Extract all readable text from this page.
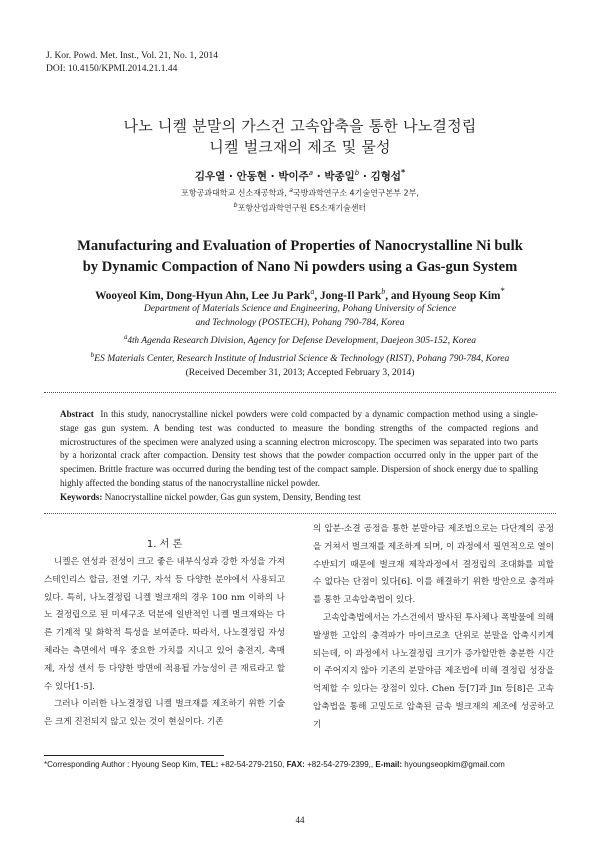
J. Kor. Powd. Met. Inst., Vol. 21, No. 1, 2014
DOI: 10.4150/KPMI.2014.21.1.44
나노 니켈 분말의 가스건 고속압축을 통한 나노결정립
니켈 벌크재의 제조 및 물성
김우열 · 안동현 · 박이주$^a$ · 박종일$^b$ · 김형섭*
포항공과대학교 신소재공학과, $^a$국방과학연구소 4기술연구본부 2부,
$^b$포항산업과학연구원 ES소재기술센터
Manufacturing and Evaluation of Properties of Nanocrystalline Ni bulk
by Dynamic Compaction of Nano Ni powders using a Gas-gun System
Wooyeol Kim, Dong-Hyun Ahn, Lee Ju Park$^a$, Jong-Il Park$^b$, and Hyoung Seop Kim*
Department of Materials Science and Engineering, Pohang University of Science
and Technology (POSTECH), Pohang 790-784, Korea
$^a$4th Agenda Research Division, Agency for Defense Development, Daejeon 305-152, Korea
$^b$ES Materials Center, Research Institute of Industrial Science & Technology (RIST), Pohang 790-784, Korea
(Received December 31, 2013; Accepted February 3, 2014)
Abstract In this study, nanocrystalline nickel powders were cold compacted by a dynamic compaction method using a single-stage gas gun system. A bending test was conducted to measure the bonding strengths of the compacted regions and microstructures of the specimen were analyzed using a scanning electron microscopy. The specimen was separated into two parts by a horizontal crack after compaction. Density test shows that the powder compaction occurred only in the upper part of the specimen. Brittle fracture was occurred during the bending test of the compact sample. Dispersion of shock energy due to spalling highly affected the bonding status of the nanocrystalline nickel powder.
Keywords: Nanocrystalline nickel powder, Gas gun system, Density, Bending test
1. 서 론

니켈은 연성과 전성이 크고 좋은 내부식성과 강한 자성을 가져 스테인리스 합금, 전열 기구, 자석 등 다양한 분야에서 사용되고 있다. 특히, 나노결정립 니켈 벌크재의 경우 100 nm 이하의 나노 결정립으로 된 미세구조 덕분에 일반적인 니켈 벌크재와는 다른 기계적 및 화학적 특성을 보여준다. 따라서, 나노결정립 자성체라는 측면에서 매우 중요한 가치를 지니고 있어 충전지, 촉매제, 자성 센서 등 다양한 방면에 적용될 가능성이 큰 재료라고 할 수 있다[1-5].

그러나 이러한 나노결정립 니켈 벌크재를 제조하기 위한 기술은 크게 진전되지 않고 있는 것이 현실이다. 기존

의 압분-소결 공정을 통한 분말야금 제조법으로는 다단계의 공정을 거쳐서 벌크재를 제조하게 되며, 이 과정에서 필연적으로 열이 수반되기 때문에 벌크재 제작과정에서 결정립의 조대화를 피할 수 없다는 단점이 있다[6]. 이를 해결하기 위한 방안으로 충격파를 통한 고속압축법이 있다.

고속압축법에서는 가스건에서 발사된 투사체나 폭발물에 의해 발생한 고압의 충격파가 마이크로초 단위로 분말을 압축시키게 되는데, 이 과정에서 나노결정립 크기가 증가할만한 충분한 시간이 주어지지 않아 기존의 분말야금 제조법에 비해 결정립 성장을 억제할 수 있다는 장점이 있다. Chen 등[7]과 Jin 등[8]은 고속압축법을 통해 고밀도로 압축된 금속 벌크재의 제조에 성공하고 기

*Corresponding Author : Hyoung Seop Kim, TEL: +82-54-279-2150, FAX: +82-54-279-2399,, E-mail: hyoungseopkim@gmail.com
44
